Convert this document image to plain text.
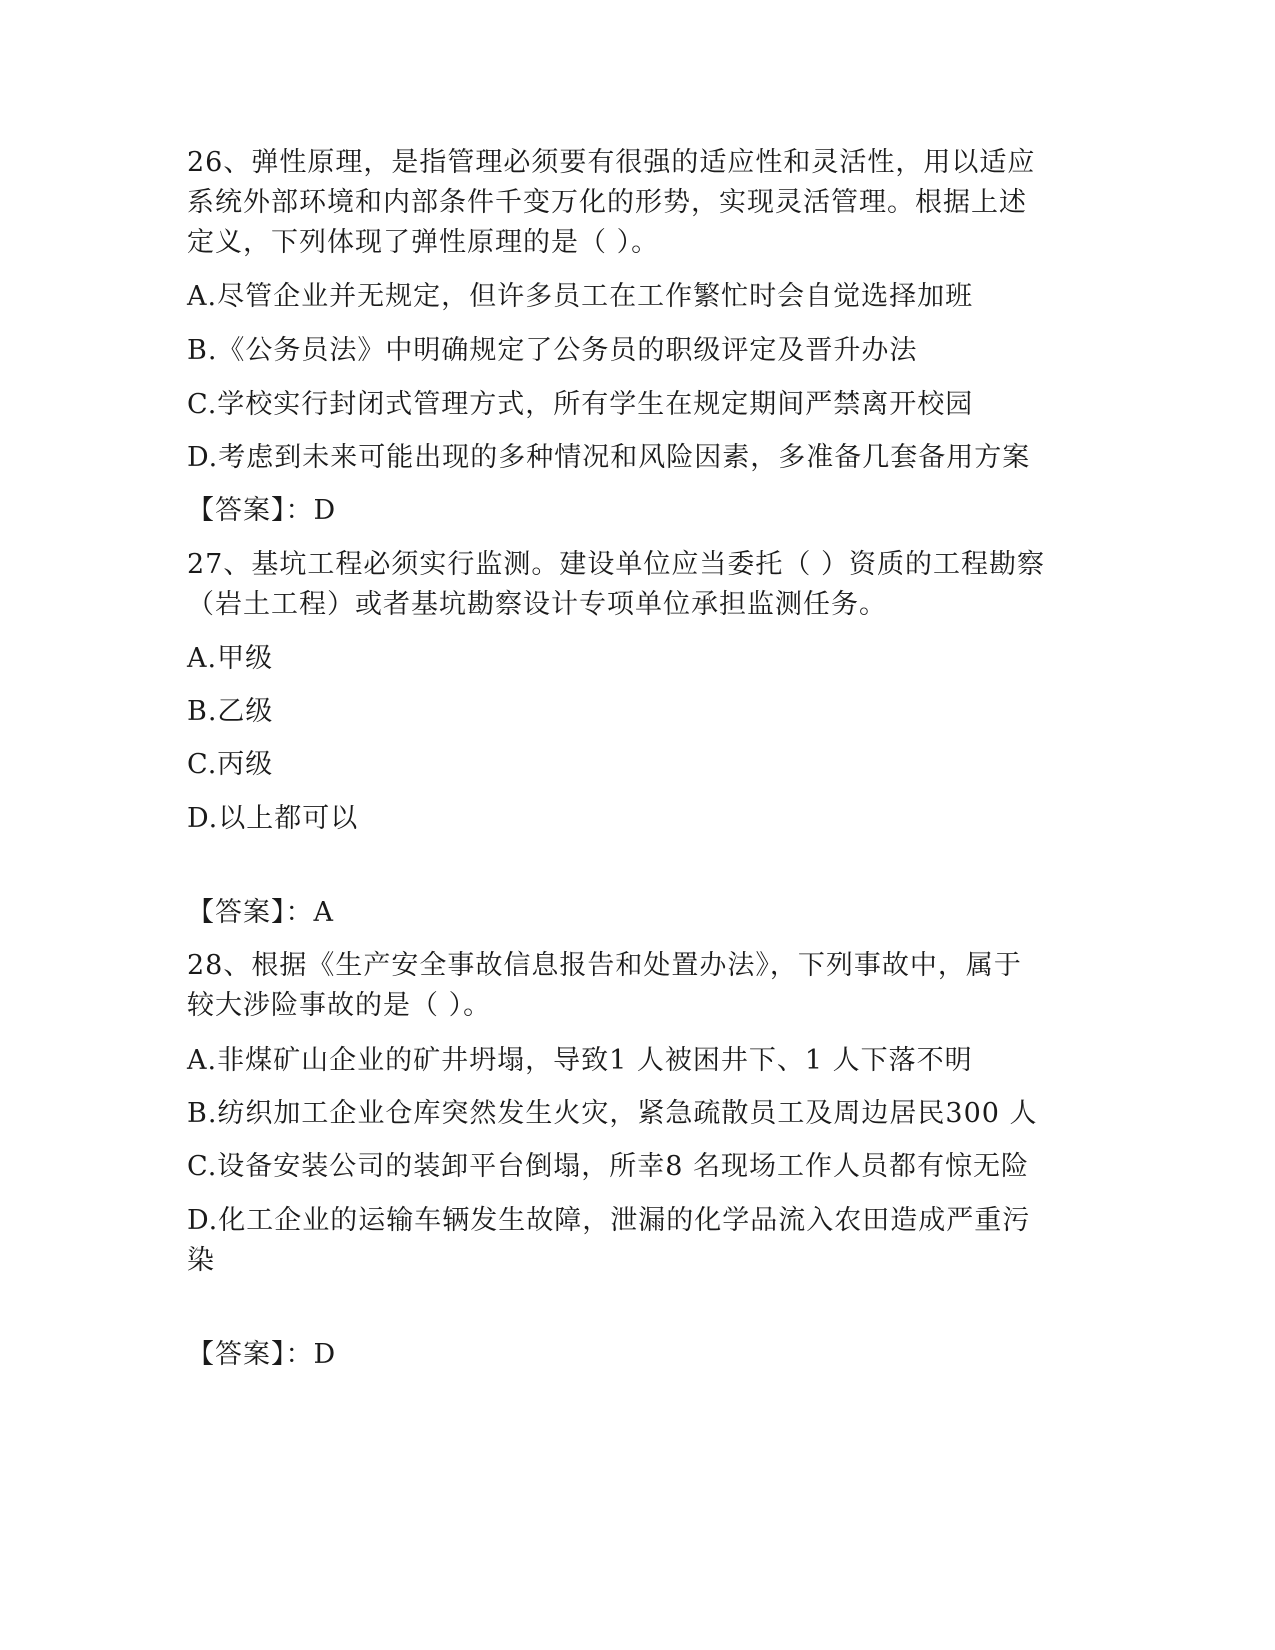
26、弹性原理，是指管理必须要有很强的适应性和灵活性，用以适应
系统外部环境和内部条件千变万化的形势，实现灵活管理。根据上述
定义，下列体现了弹性原理的是（ ）。
A.尽管企业并无规定，但许多员工在工作繁忙时会自觉选择加班
B.《公务员法》中明确规定了公务员的职级评定及晋升办法
C.学校实行封闭式管理方式，所有学生在规定期间严禁离开校园
D.考虑到未来可能出现的多种情况和风险因素，多准备几套备用方案
【答案】：D
27、基坑工程必须实行监测。建设单位应当委托（ ）资质的工程勘察
（岩土工程）或者基坑勘察设计专项单位承担监测任务。
A.甲级
B.乙级
C.丙级
D.以上都可以
【答案】：A
28、根据《生产安全事故信息报告和处置办法》，下列事故中，属于
较大涉险事故的是（ ）。
A.非煤矿山企业的矿井坍塌，导致1 人被困井下、1 人下落不明
B.纺织加工企业仓库突然发生火灾，紧急疏散员工及周边居民300 人
C.设备安装公司的装卸平台倒塌，所幸8 名现场工作人员都有惊无险
D.化工企业的运输车辆发生故障，泄漏的化学品流入农田造成严重污
染
【答案】：D
